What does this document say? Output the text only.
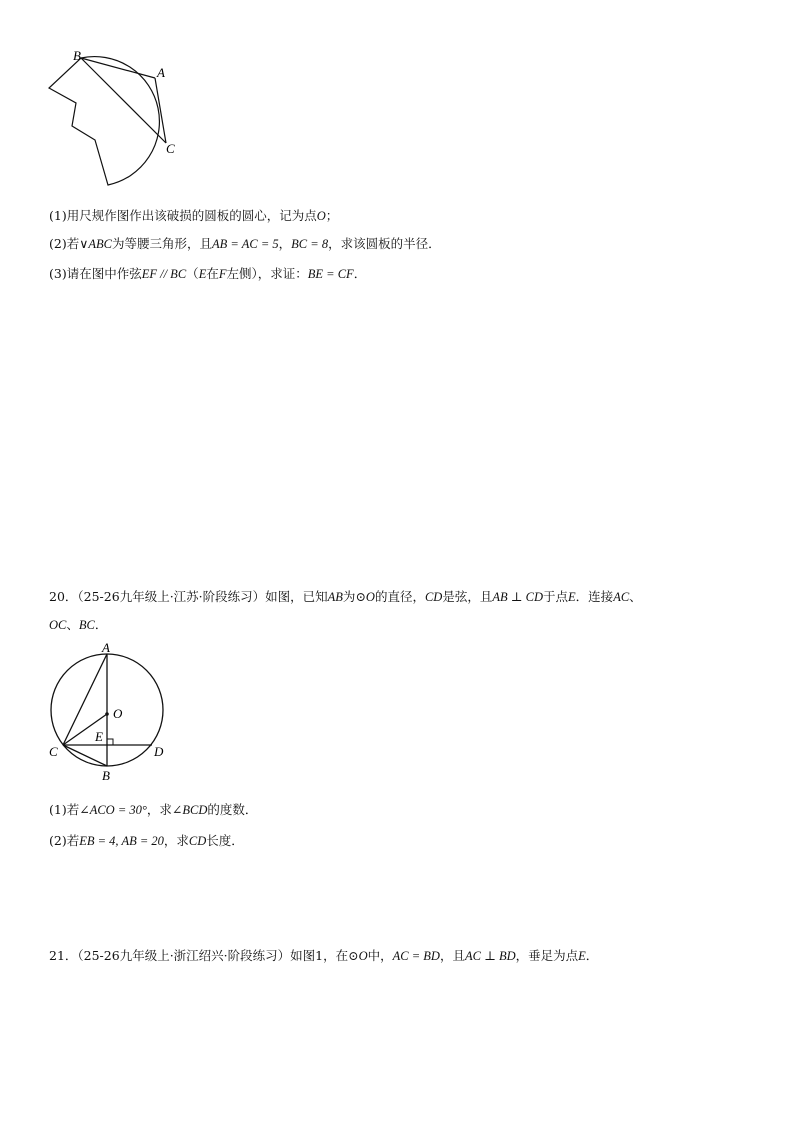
B
A
C
(1)用尺规作图作出该破损的圆板的圆心，记为点O；
(2)若∨ABC为等腰三角形，且AB = AC = 5，BC = 8，求该圆板的半径．
(3)请在图中作弦EF // BC（E在F左侧），求证：BE = CF．
20．（25-26九年级上·江苏·阶段练习）如图，已知AB为⊙O的直径，CD是弦，且AB ⊥ CD于点E．连接AC、
OC、BC．
A
O
E
C	D
B
(1)若∠ACO = 30°，求∠BCD的度数．
(2)若EB = 4, AB = 20，求CD长度．
21．（25-26九年级上·浙江绍兴·阶段练习）如图1，在⊙O中，AC = BD，且AC ⊥ BD，垂足为点E．
